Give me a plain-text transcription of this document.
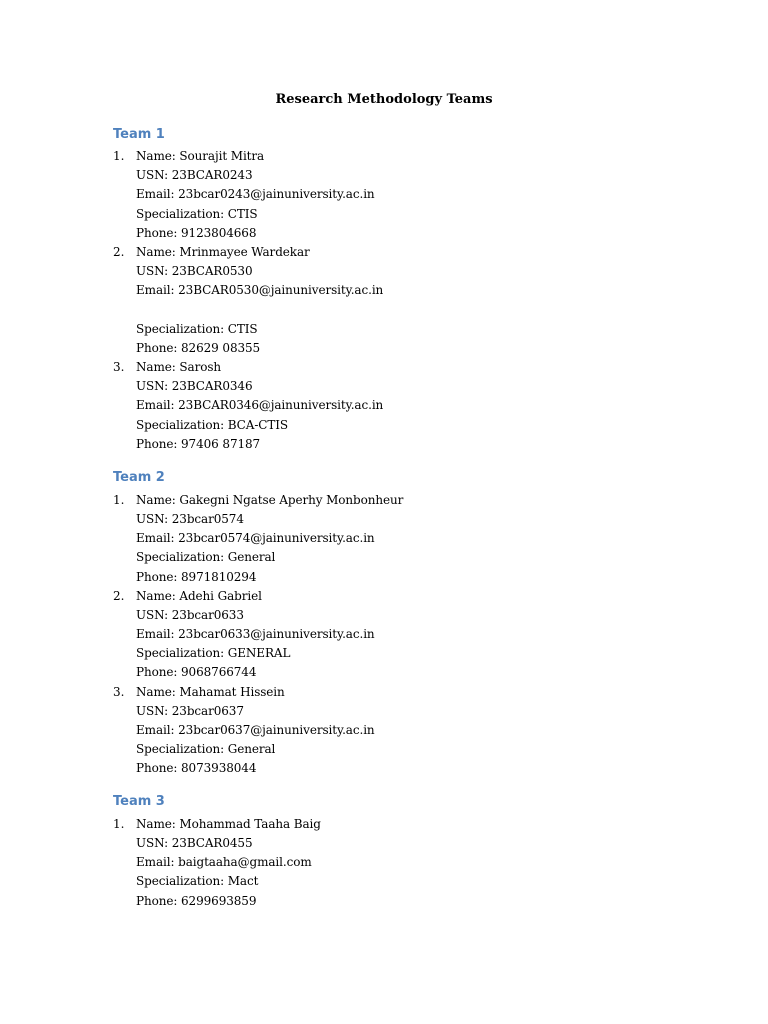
Research Methodology Teams
Team 1
1. Name: Sourajit Mitra

USN: 23BCAR0243

Email: 23bcar0243@jainuniversity.ac.in

Specialization: CTIS

Phone: 9123804668

2. Name: Mrinmayee Wardekar

USN: 23BCAR0530

Email: 23BCAR0530@jainuniversity.ac.in

Specialization: CTIS

Phone: 82629 08355

3. Name: Sarosh

USN: 23BCAR0346

Email: 23BCAR0346@jainuniversity.ac.in

Specialization: BCA-CTIS

Phone: 97406 87187

Team 2
1. Name: Gakegni Ngatse Aperhy Monbonheur

USN: 23bcar0574

Email: 23bcar0574@jainuniversity.ac.in

Specialization: General

Phone: 8971810294

2. Name: Adehi Gabriel

USN: 23bcar0633

Email: 23bcar0633@jainuniversity.ac.in

Specialization: GENERAL

Phone: 9068766744

3. Name: Mahamat Hissein

USN: 23bcar0637

Email: 23bcar0637@jainuniversity.ac.in

Specialization: General

Phone: 8073938044

Team 3
1. Name: Mohammad Taaha Baig

USN: 23BCAR0455

Email: baigtaaha@gmail.com

Specialization: Mact

Phone: 6299693859
